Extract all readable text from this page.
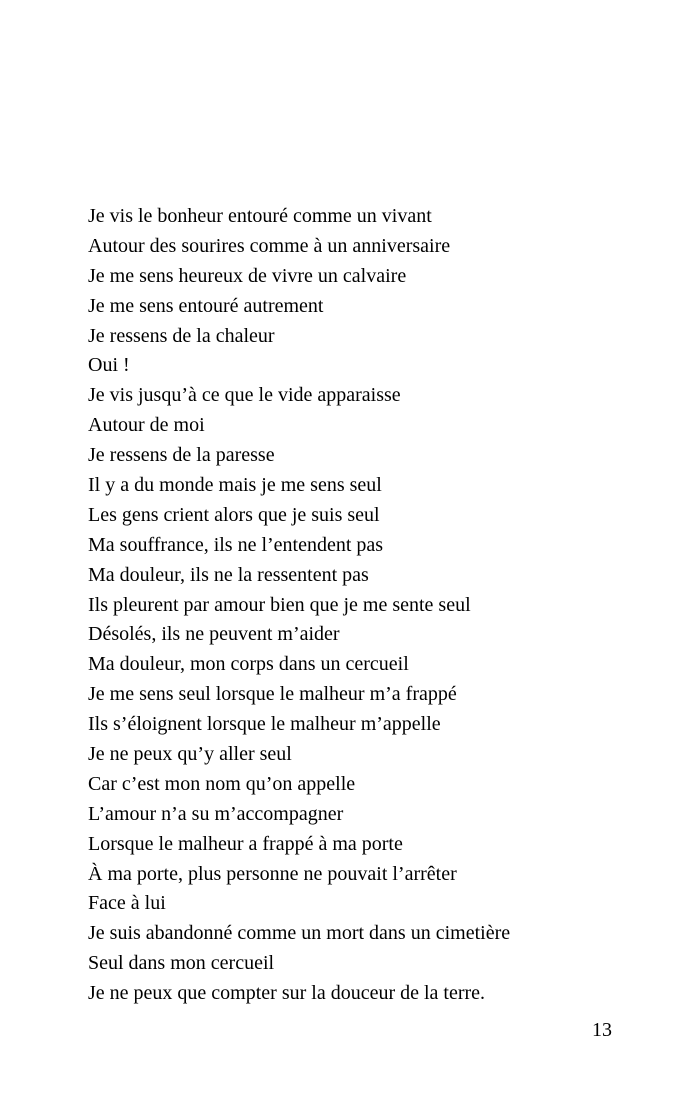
Je vis le bonheur entouré comme un vivant
Autour des sourires comme à un anniversaire
Je me sens heureux de vivre un calvaire
Je me sens entouré autrement
Je ressens de la chaleur
Oui !
Je vis jusqu’à ce que le vide apparaisse
Autour de moi
Je ressens de la paresse
Il y a du monde mais je me sens seul
Les gens crient alors que je suis seul
Ma souffrance, ils ne l’entendent pas
Ma douleur, ils ne la ressentent pas
Ils pleurent par amour bien que je me sente seul
Désolés, ils ne peuvent m’aider
Ma douleur, mon corps dans un cercueil
Je me sens seul lorsque le malheur m’a frappé
Ils s’éloignent lorsque le malheur m’appelle
Je ne peux qu’y aller seul
Car c’est mon nom qu’on appelle
L’amour n’a su m’accompagner
Lorsque le malheur a frappé à ma porte
À ma porte, plus personne ne pouvait l’arrêter
Face à lui
Je suis abandonné comme un mort dans un cimetière
Seul dans mon cercueil
Je ne peux que compter sur la douceur de la terre.
13
